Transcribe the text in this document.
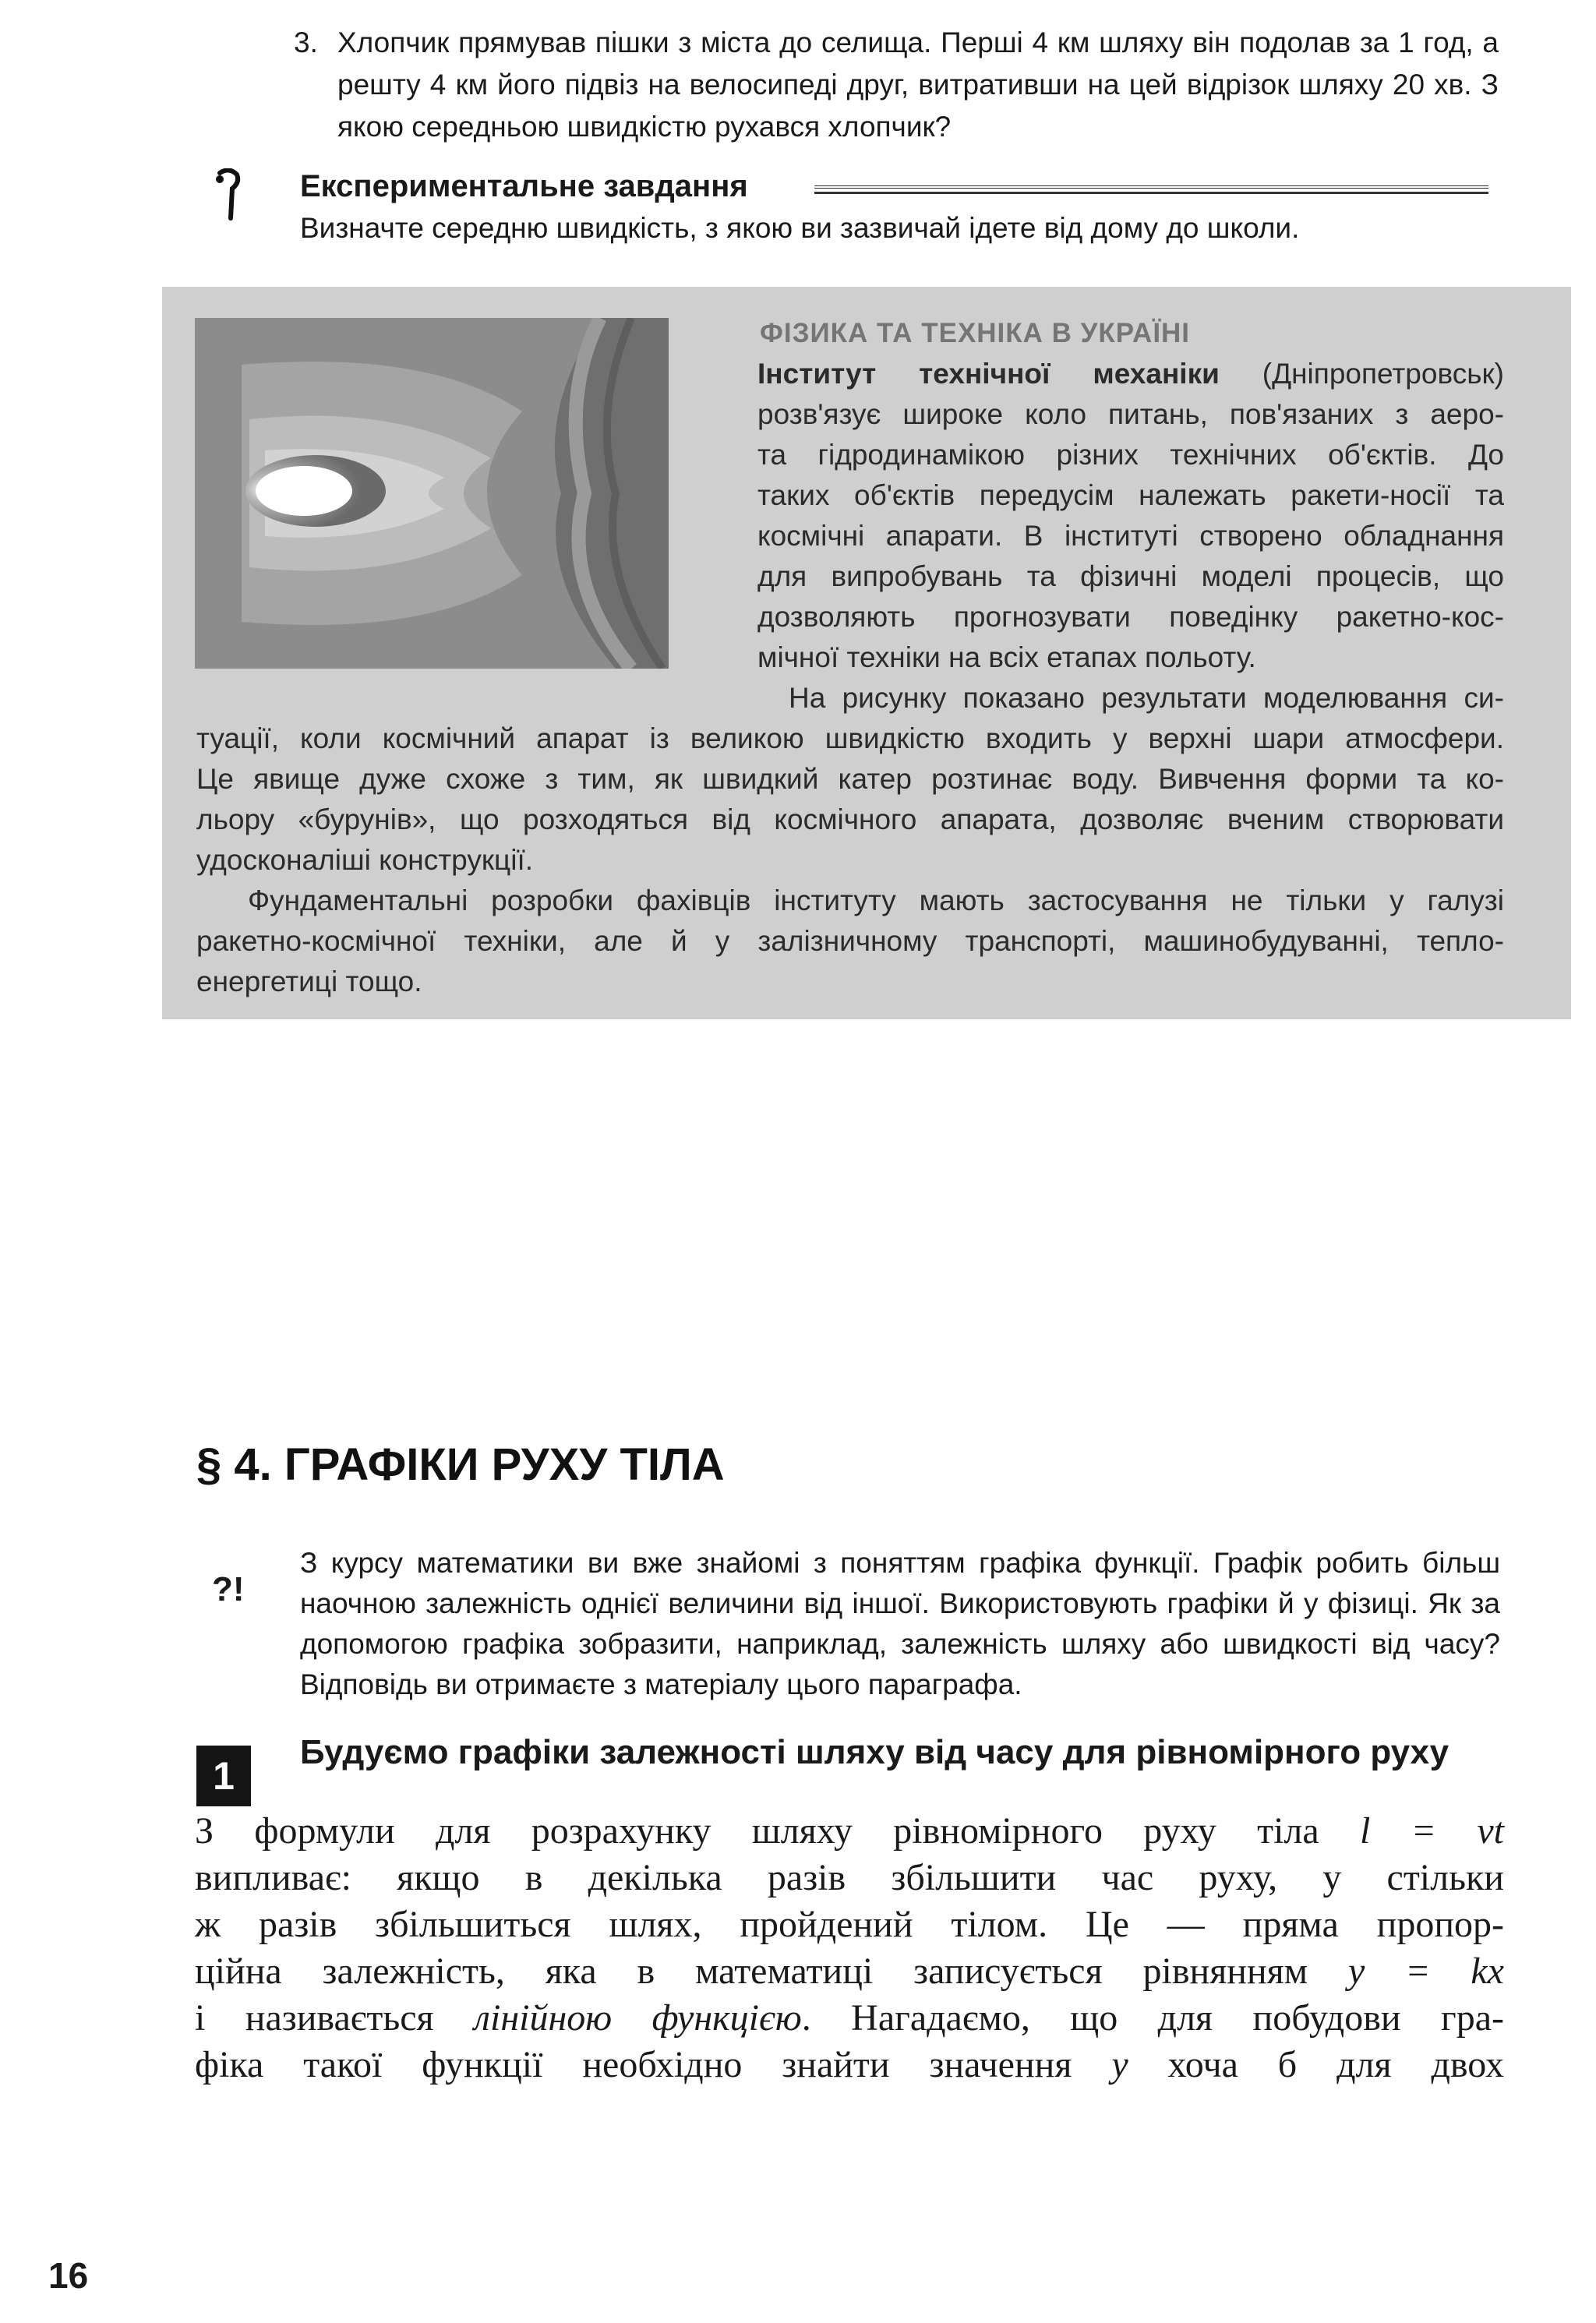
3. Хлопчик прямував пішки з міста до селища. Перші 4 км шляху він подолав за 1 год, а решту 4 км його підвіз на велосипеді друг, витративши на цей відрізок шляху 20 хв. З якою середньою швидкістю рухався хлопчик?
Експериментальне завдання
Визначте середню швидкість, з якою ви зазвичай ідете від дому до школи.
ФІЗИКА ТА ТЕХНІКА В УКРАЇНІ
Інститут технічної механіки (Дніпропетровськ)
розв'язує широке коло питань, пов'язаних з аеро-
та гідродинамікою різних технічних об'єктів. До
таких об'єктів передусім належать ракети-носії та
космічні апарати. В інституті створено обладнання
для випробувань та фізичні моделі процесів, що
дозволяють прогнозувати поведінку ракетно-кос-
мічної техніки на всіх етапах польоту.
На рисунку показано результати моделювання си-
туації, коли космічний апарат із великою швидкістю входить у верхні шари атмосфери.
Це явище дуже схоже з тим, як швидкий катер розтинає воду. Вивчення форми та ко-
льору «бурунів», що розходяться від космічного апарата, дозволяє вченим створювати
удосконаліші конструкції.
Фундаментальні розробки фахівців інституту мають застосування не тільки у галузі
ракетно-космічної техніки, але й у залізничному транспорті, машинобудуванні, тепло-
енергетиці тощо.
§ 4. ГРАФІКИ РУХУ ТІЛА
?!
З курсу математики ви вже знайомі з поняттям графіка функції. Графік робить більш наочною залежність однієї величини від іншої. Використовують графіки й у фізиці. Як за допомогою графіка зобразити, наприклад, залежність шляху або швидкості від часу? Відповідь ви отримаєте з матеріалу цього параграфа.
1
Будуємо графіки залежності шляху від часу для рівномірного руху
З формули для розрахунку шляху рівномірного руху тіла l = vt
випливає: якщо в декілька разів збільшити час руху, у стільки
ж разів збільшиться шлях, пройдений тілом. Це — пряма пропор-
ційна залежність, яка в математиці записується рівнянням y = kx
і називається лінійною функцією. Нагадаємо, що для побудови гра-
фіка такої функції необхідно знайти значення y хоча б для двох
16
